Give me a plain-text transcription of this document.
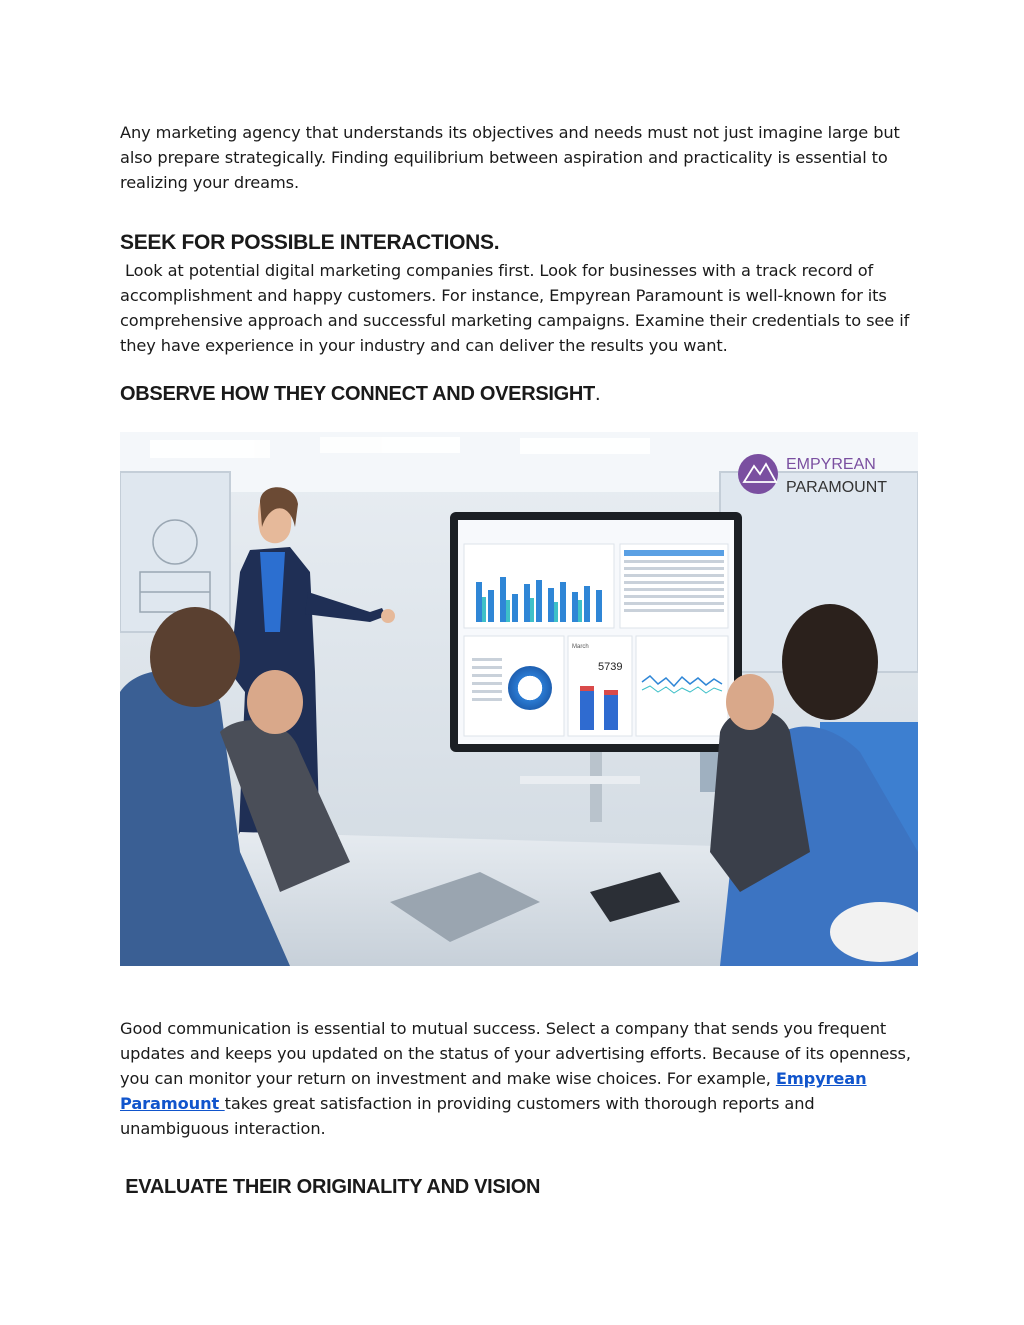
Any marketing agency that understands its objectives and needs must not just imagine large but also prepare strategically. Finding equilibrium between aspiration and practicality is essential to realizing your dreams.

SEEK FOR POSSIBLE INTERACTIONS.

Look at potential digital marketing companies first. Look for businesses with a track record of accomplishment and happy customers. For instance, Empyrean Paramount is well-known for its comprehensive approach and successful marketing campaigns. Examine their credentials to see if they have experience in your industry and can deliver the results you want.

OBSERVE HOW THEY CONNECT AND OVERSIGHT.
March
5739
EMPYREAN
PARAMOUNT

Good communication is essential to mutual success. Select a company that sends you frequent updates and keeps you updated on the status of your advertising efforts. Because of its openness, you can monitor your return on investment and make wise choices. For example, Empyrean Paramount takes great satisfaction in providing customers with thorough reports and unambiguous interaction.

EVALUATE THEIR ORIGINALITY AND VISION
